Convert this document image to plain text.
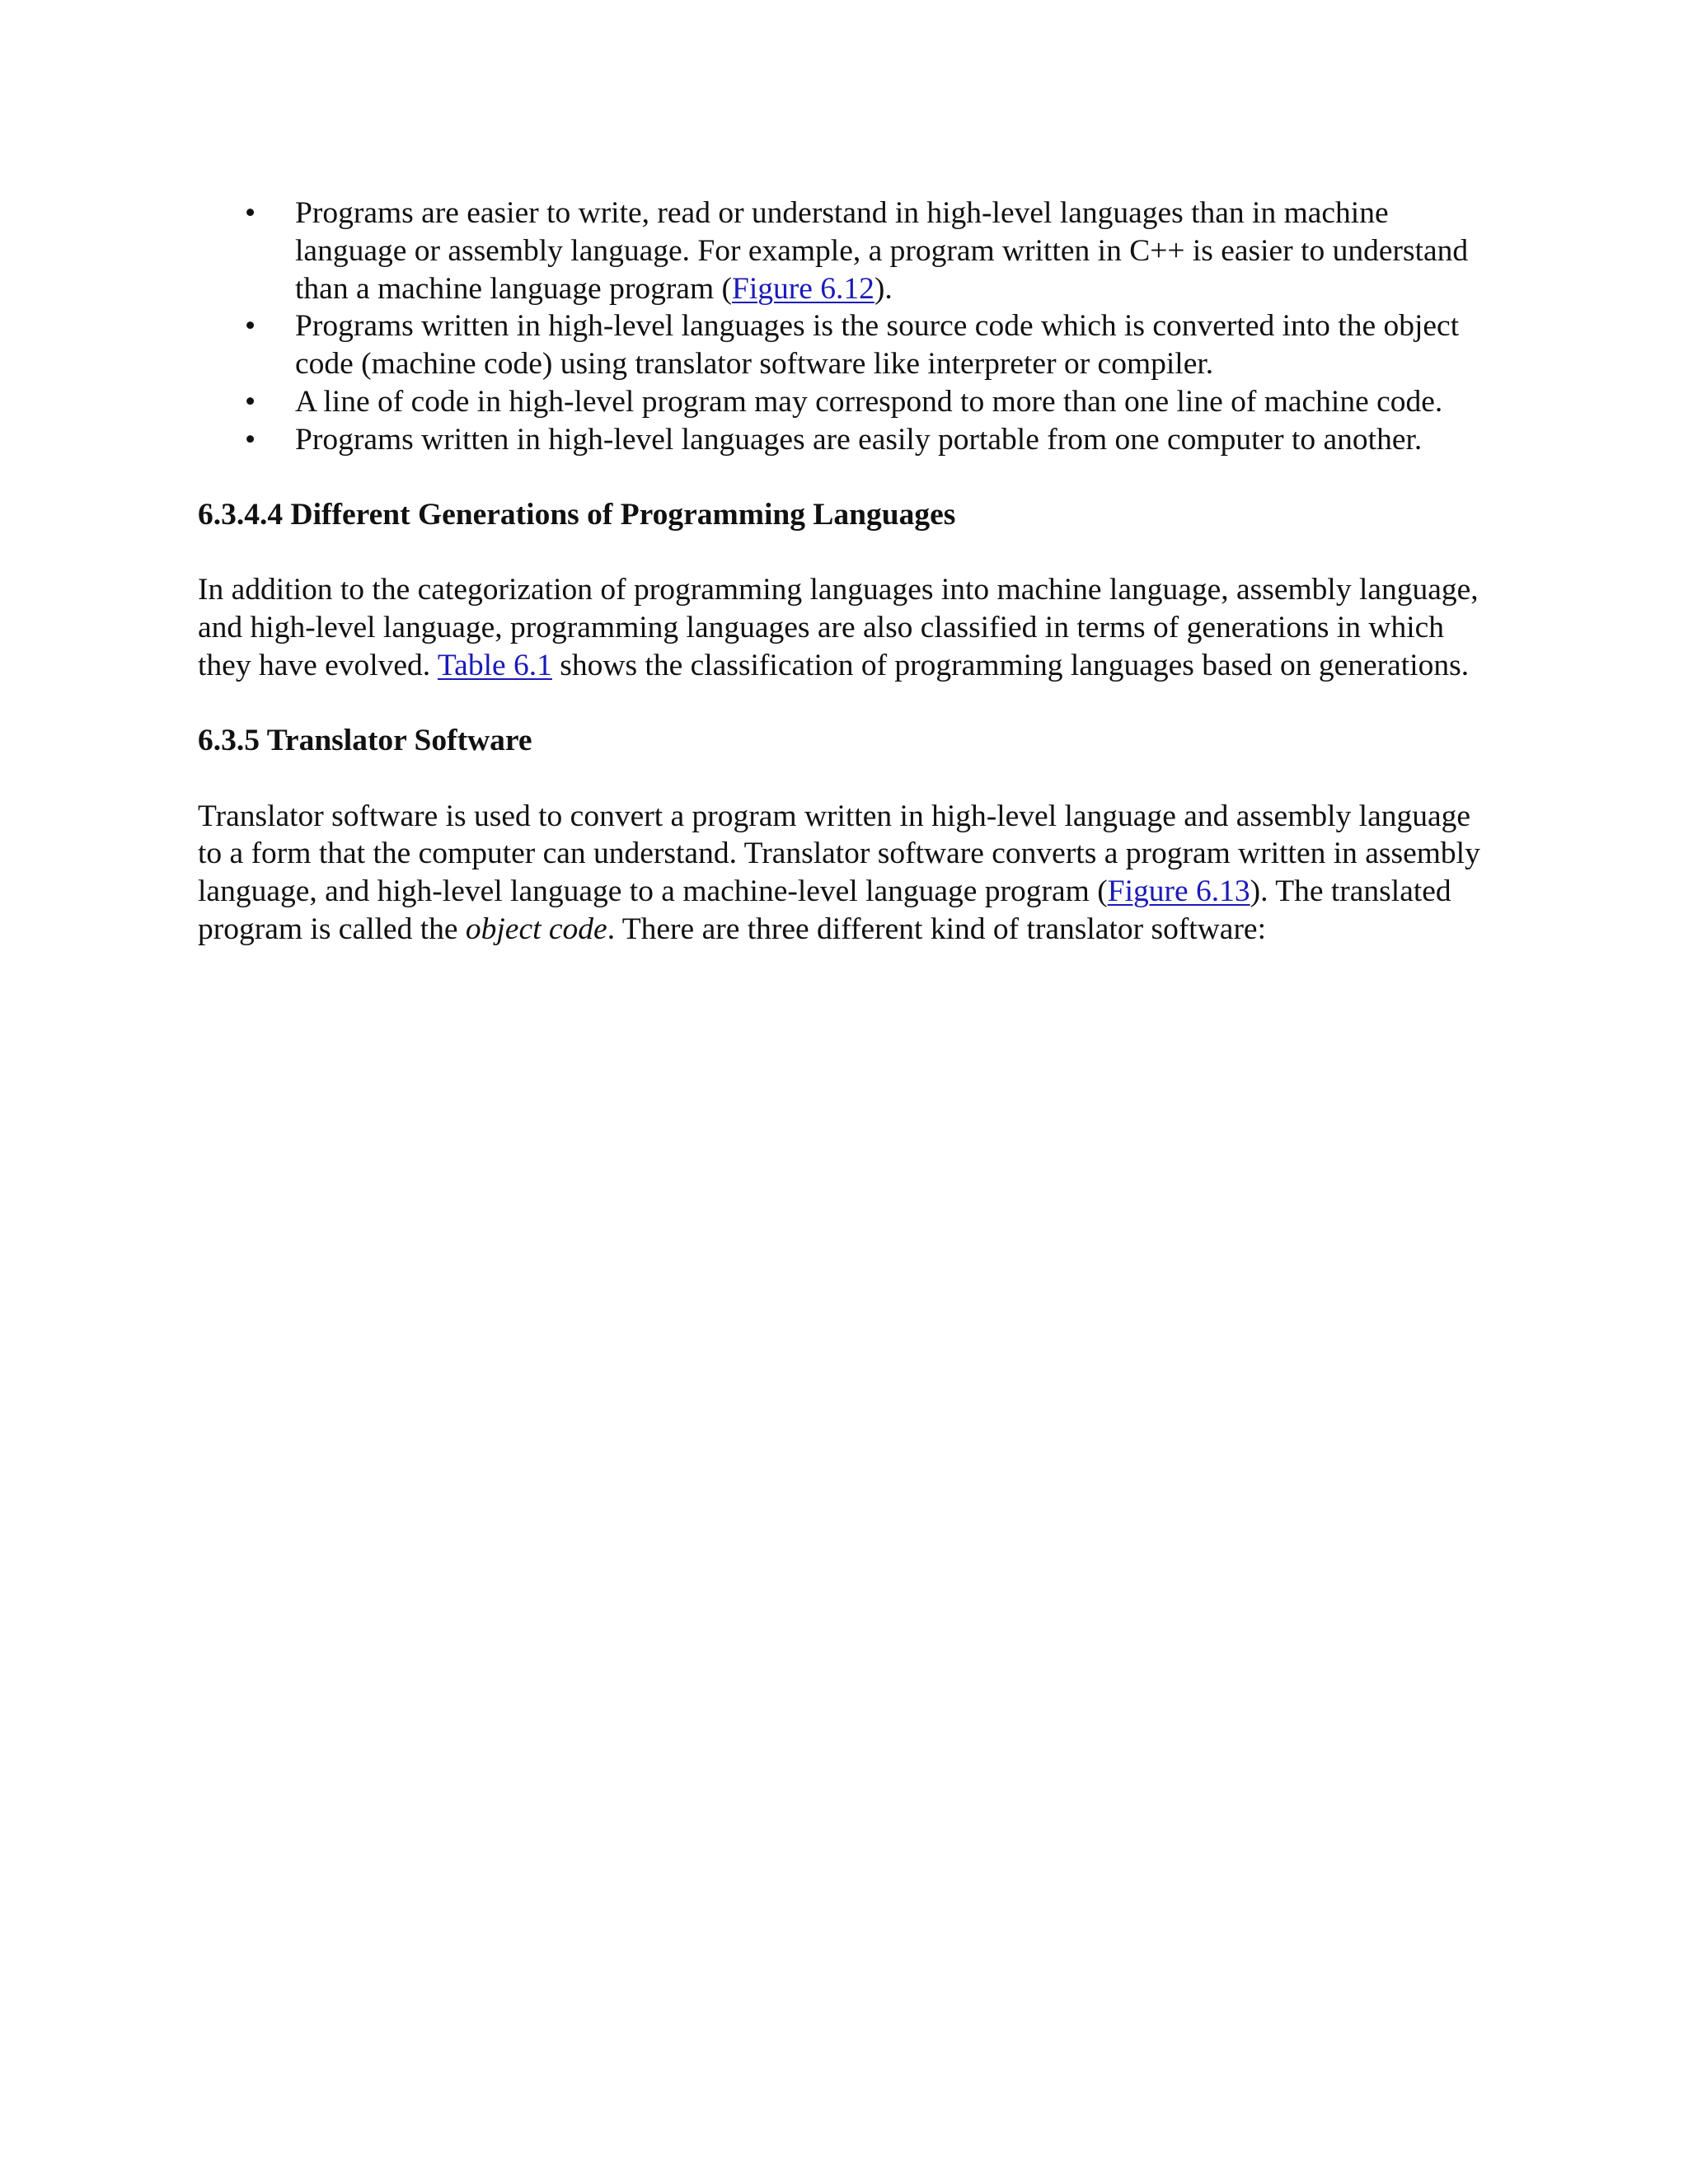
• Programs are easier to write, read or understand in high-level languages than in machine language or assembly language. For example, a program written in C++ is easier to understand than a machine language program (Figure 6.12).
• Programs written in high-level languages is the source code which is converted into the object code (machine code) using translator software like interpreter or compiler.
• A line of code in high-level program may correspond to more than one line of machine code.
• Programs written in high-level languages are easily portable from one computer to another.
6.3.4.4 Different Generations of Programming Languages

In addition to the categorization of programming languages into machine language, assembly language, and high-level language, programming languages are also classified in terms of generations in which they have evolved. Table 6.1 shows the classification of programming languages based on generations.

6.3.5 Translator Software

Translator software is used to convert a program written in high-level language and assembly language to a form that the computer can understand. Translator software converts a program written in assembly language, and high-level language to a machine-level language program (Figure 6.13). The translated program is called the object code. There are three different kind of translator software:
